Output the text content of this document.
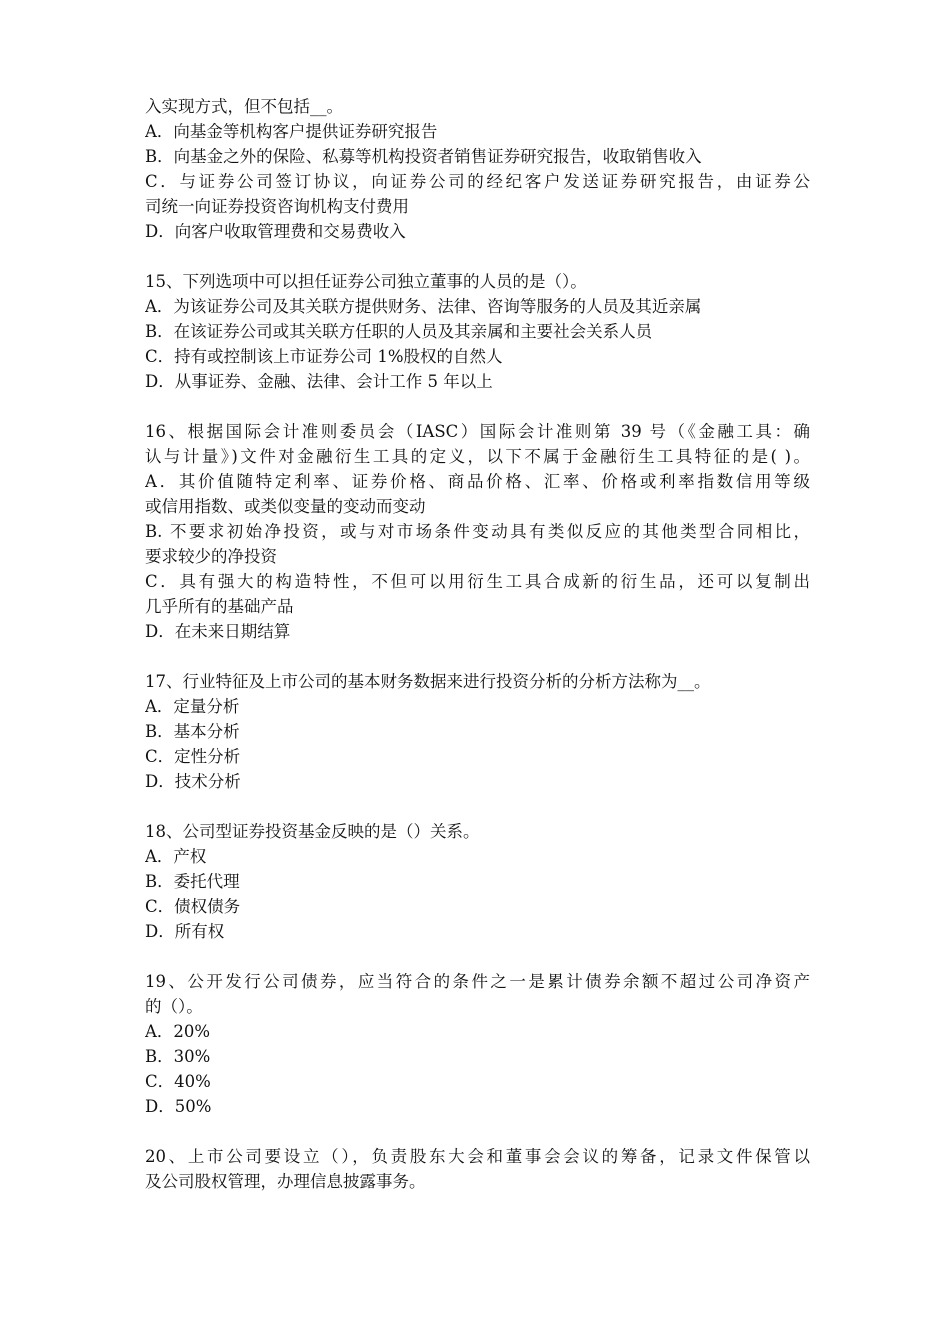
入实现方式，但不包括__。
A．向基金等机构客户提供证券研究报告
B．向基金之外的保险、私募等机构投资者销售证券研究报告，收取销售收入
C．与证券公司签订协议，向证券公司的经纪客户发送证券研究报告，由证券公
司统一向证券投资咨询机构支付费用
D．向客户收取管理费和交易费收入
15、下列选项中可以担任证券公司独立董事的人员的是（）。
A．为该证券公司及其关联方提供财务、法律、咨询等服务的人员及其近亲属
B．在该证券公司或其关联方任职的人员及其亲属和主要社会关系人员
C．持有或控制该上市证券公司 1%股权的自然人
D．从事证券、金融、法律、会计工作 5 年以上
16、根据国际会计准则委员会（IASC）国际会计准则第 39 号（《金融工具：确
认与计量》)文件对金融衍生工具的定义，以下不属于金融衍生工具特征的是( )。
A．其价值随特定利率、证券价格、商品价格、汇率、价格或利率指数信用等级
或信用指数、或类似变量的变动而变动
B. 不要求初始净投资，或与对市场条件变动具有类似反应的其他类型合同相比，
要求较少的净投资
C．具有强大的构造特性，不但可以用衍生工具合成新的衍生品，还可以复制出
几乎所有的基础产品
D．在未来日期结算
17、行业特征及上市公司的基本财务数据来进行投资分析的分析方法称为__。
A．定量分析
B．基本分析
C．定性分析
D．技术分析
18、公司型证券投资基金反映的是（）关系。
A．产权
B．委托代理
C．债权债务
D．所有权
19、公开发行公司债券，应当符合的条件之一是累计债券余额不超过公司净资产
的（）。
A．20%
B．30%
C．40%
D．50%
20、上市公司要设立（），负责股东大会和董事会会议的筹备，记录文件保管以
及公司股权管理，办理信息披露事务。
